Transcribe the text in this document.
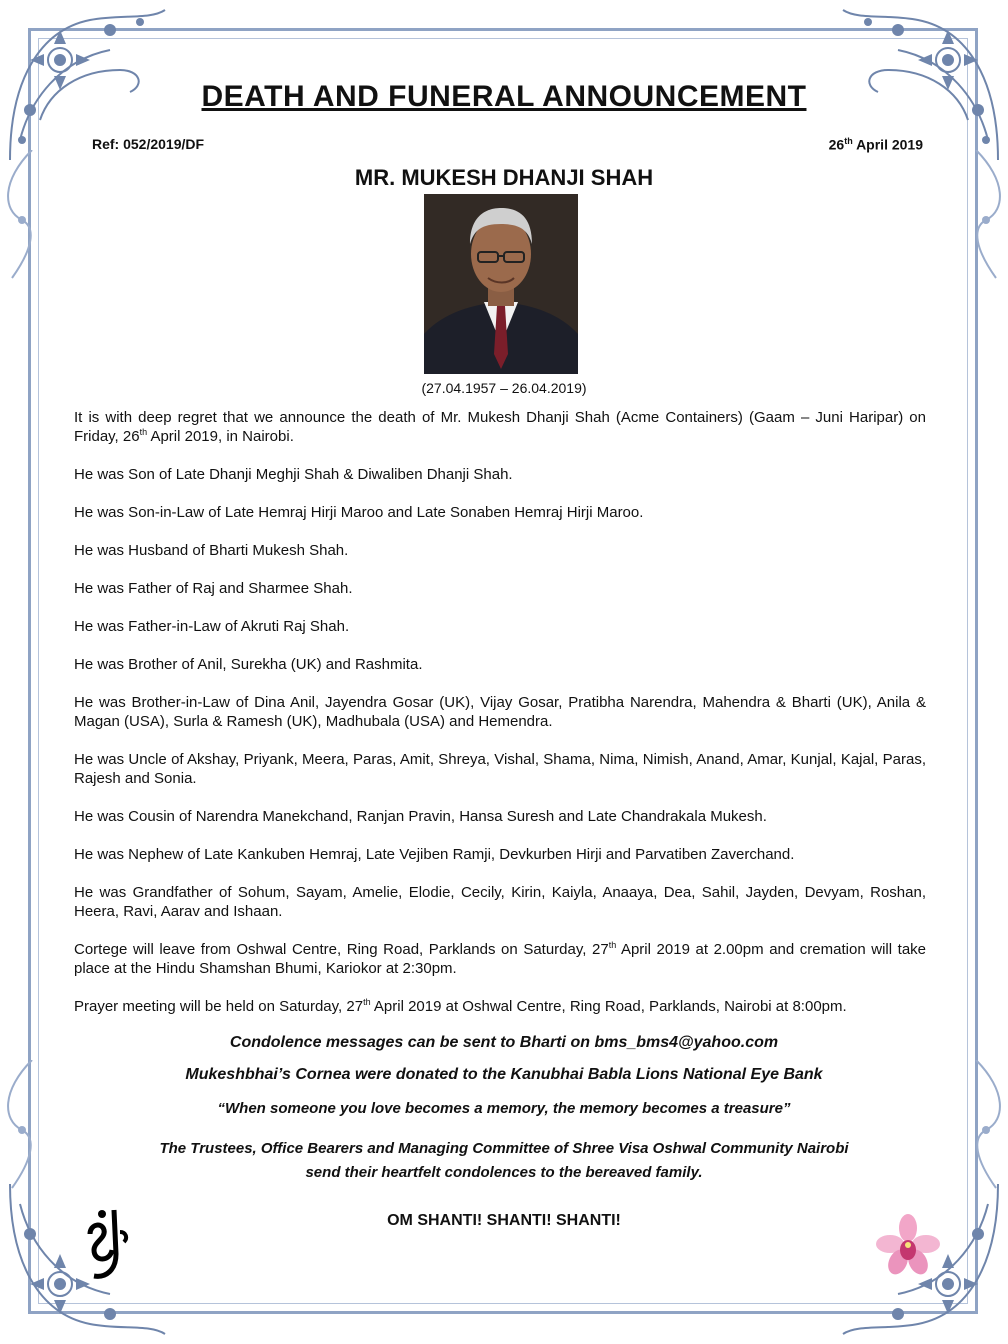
DEATH AND FUNERAL ANNOUNCEMENT
Ref: 052/2019/DF	26th April 2019
MR. MUKESH DHANJI SHAH
(27.04.1957 – 26.04.2019)

It is with deep regret that we announce the death of Mr. Mukesh Dhanji Shah (Acme Containers) (Gaam – Juni Haripar) on Friday, 26th April 2019, in Nairobi.

He was Son of Late Dhanji Meghji Shah & Diwaliben Dhanji Shah.

He was Son-in-Law of Late Hemraj Hirji Maroo and Late Sonaben Hemraj Hirji Maroo.

He was Husband of Bharti Mukesh Shah.

He was Father of Raj and Sharmee Shah.

He was Father-in-Law of Akruti Raj Shah.

He was Brother of Anil, Surekha (UK) and Rashmita.

He was Brother-in-Law of Dina Anil, Jayendra Gosar (UK), Vijay Gosar, Pratibha Narendra, Mahendra & Bharti (UK), Anila & Magan (USA), Surla & Ramesh (UK), Madhubala (USA) and Hemendra.

He was Uncle of Akshay, Priyank, Meera, Paras, Amit, Shreya, Vishal, Shama, Nima, Nimish, Anand, Amar, Kunjal, Kajal, Paras, Rajesh and Sonia.

He was Cousin of Narendra Manekchand, Ranjan Pravin, Hansa Suresh and Late Chandrakala Mukesh.

He was Nephew of Late Kankuben Hemraj, Late Vejiben Ramji, Devkurben Hirji and Parvatiben Zaverchand.

He was Grandfather of Sohum, Sayam, Amelie, Elodie, Cecily, Kirin, Kaiyla, Anaaya, Dea, Sahil, Jayden, Devyam, Roshan, Heera, Ravi, Aarav and Ishaan.

Cortege will leave from Oshwal Centre, Ring Road, Parklands on Saturday, 27th April 2019 at 2.00pm and cremation will take place at the Hindu Shamshan Bhumi, Kariokor at 2:30pm.

Prayer meeting will be held on Saturday, 27th April 2019 at Oshwal Centre, Ring Road, Parklands, Nairobi at 8:00pm.

Condolence messages can be sent to Bharti on bms_bms4@yahoo.com
Mukeshbhai’s Cornea were donated to the Kanubhai Babla Lions National Eye Bank
“When someone you love becomes a memory, the memory becomes a treasure”
The Trustees, Office Bearers and Managing Committee of Shree Visa Oshwal Community Nairobi
send their heartfelt condolences to the bereaved family.
OM SHANTI! SHANTI! SHANTI!
